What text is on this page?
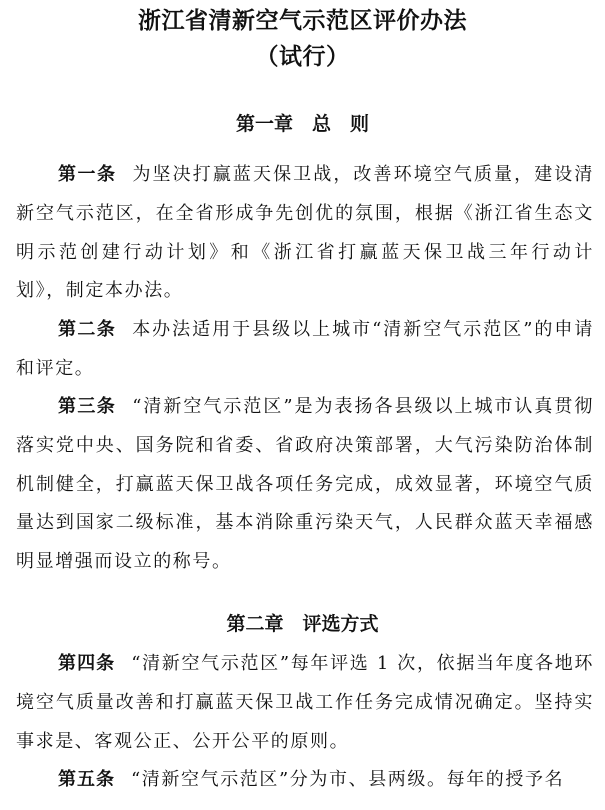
浙江省清新空气示范区评价办法
（试行）
第一章　总　则
第一条 为坚决打赢蓝天保卫战，改善环境空气质量，建设清新空气示范区，在全省形成争先创优的氛围，根据《浙江省生态文明示范创建行动计划》和《浙江省打赢蓝天保卫战三年行动计划》，制定本办法。
第二条 本办法适用于县级以上城市“清新空气示范区”的申请和评定。
第三条 “清新空气示范区”是为表扬各县级以上城市认真贯彻落实党中央、国务院和省委、省政府决策部署，大气污染防治体制机制健全，打赢蓝天保卫战各项任务完成，成效显著，环境空气质量达到国家二级标准，基本消除重污染天气，人民群众蓝天幸福感明显增强而设立的称号。
第二章　评选方式
第四条 “清新空气示范区”每年评选 1 次，依据当年度各地环境空气质量改善和打赢蓝天保卫战工作任务完成情况确定。坚持实事求是、客观公正、公开公平的原则。
第五条 “清新空气示范区”分为市、县两级。每年的授予名
